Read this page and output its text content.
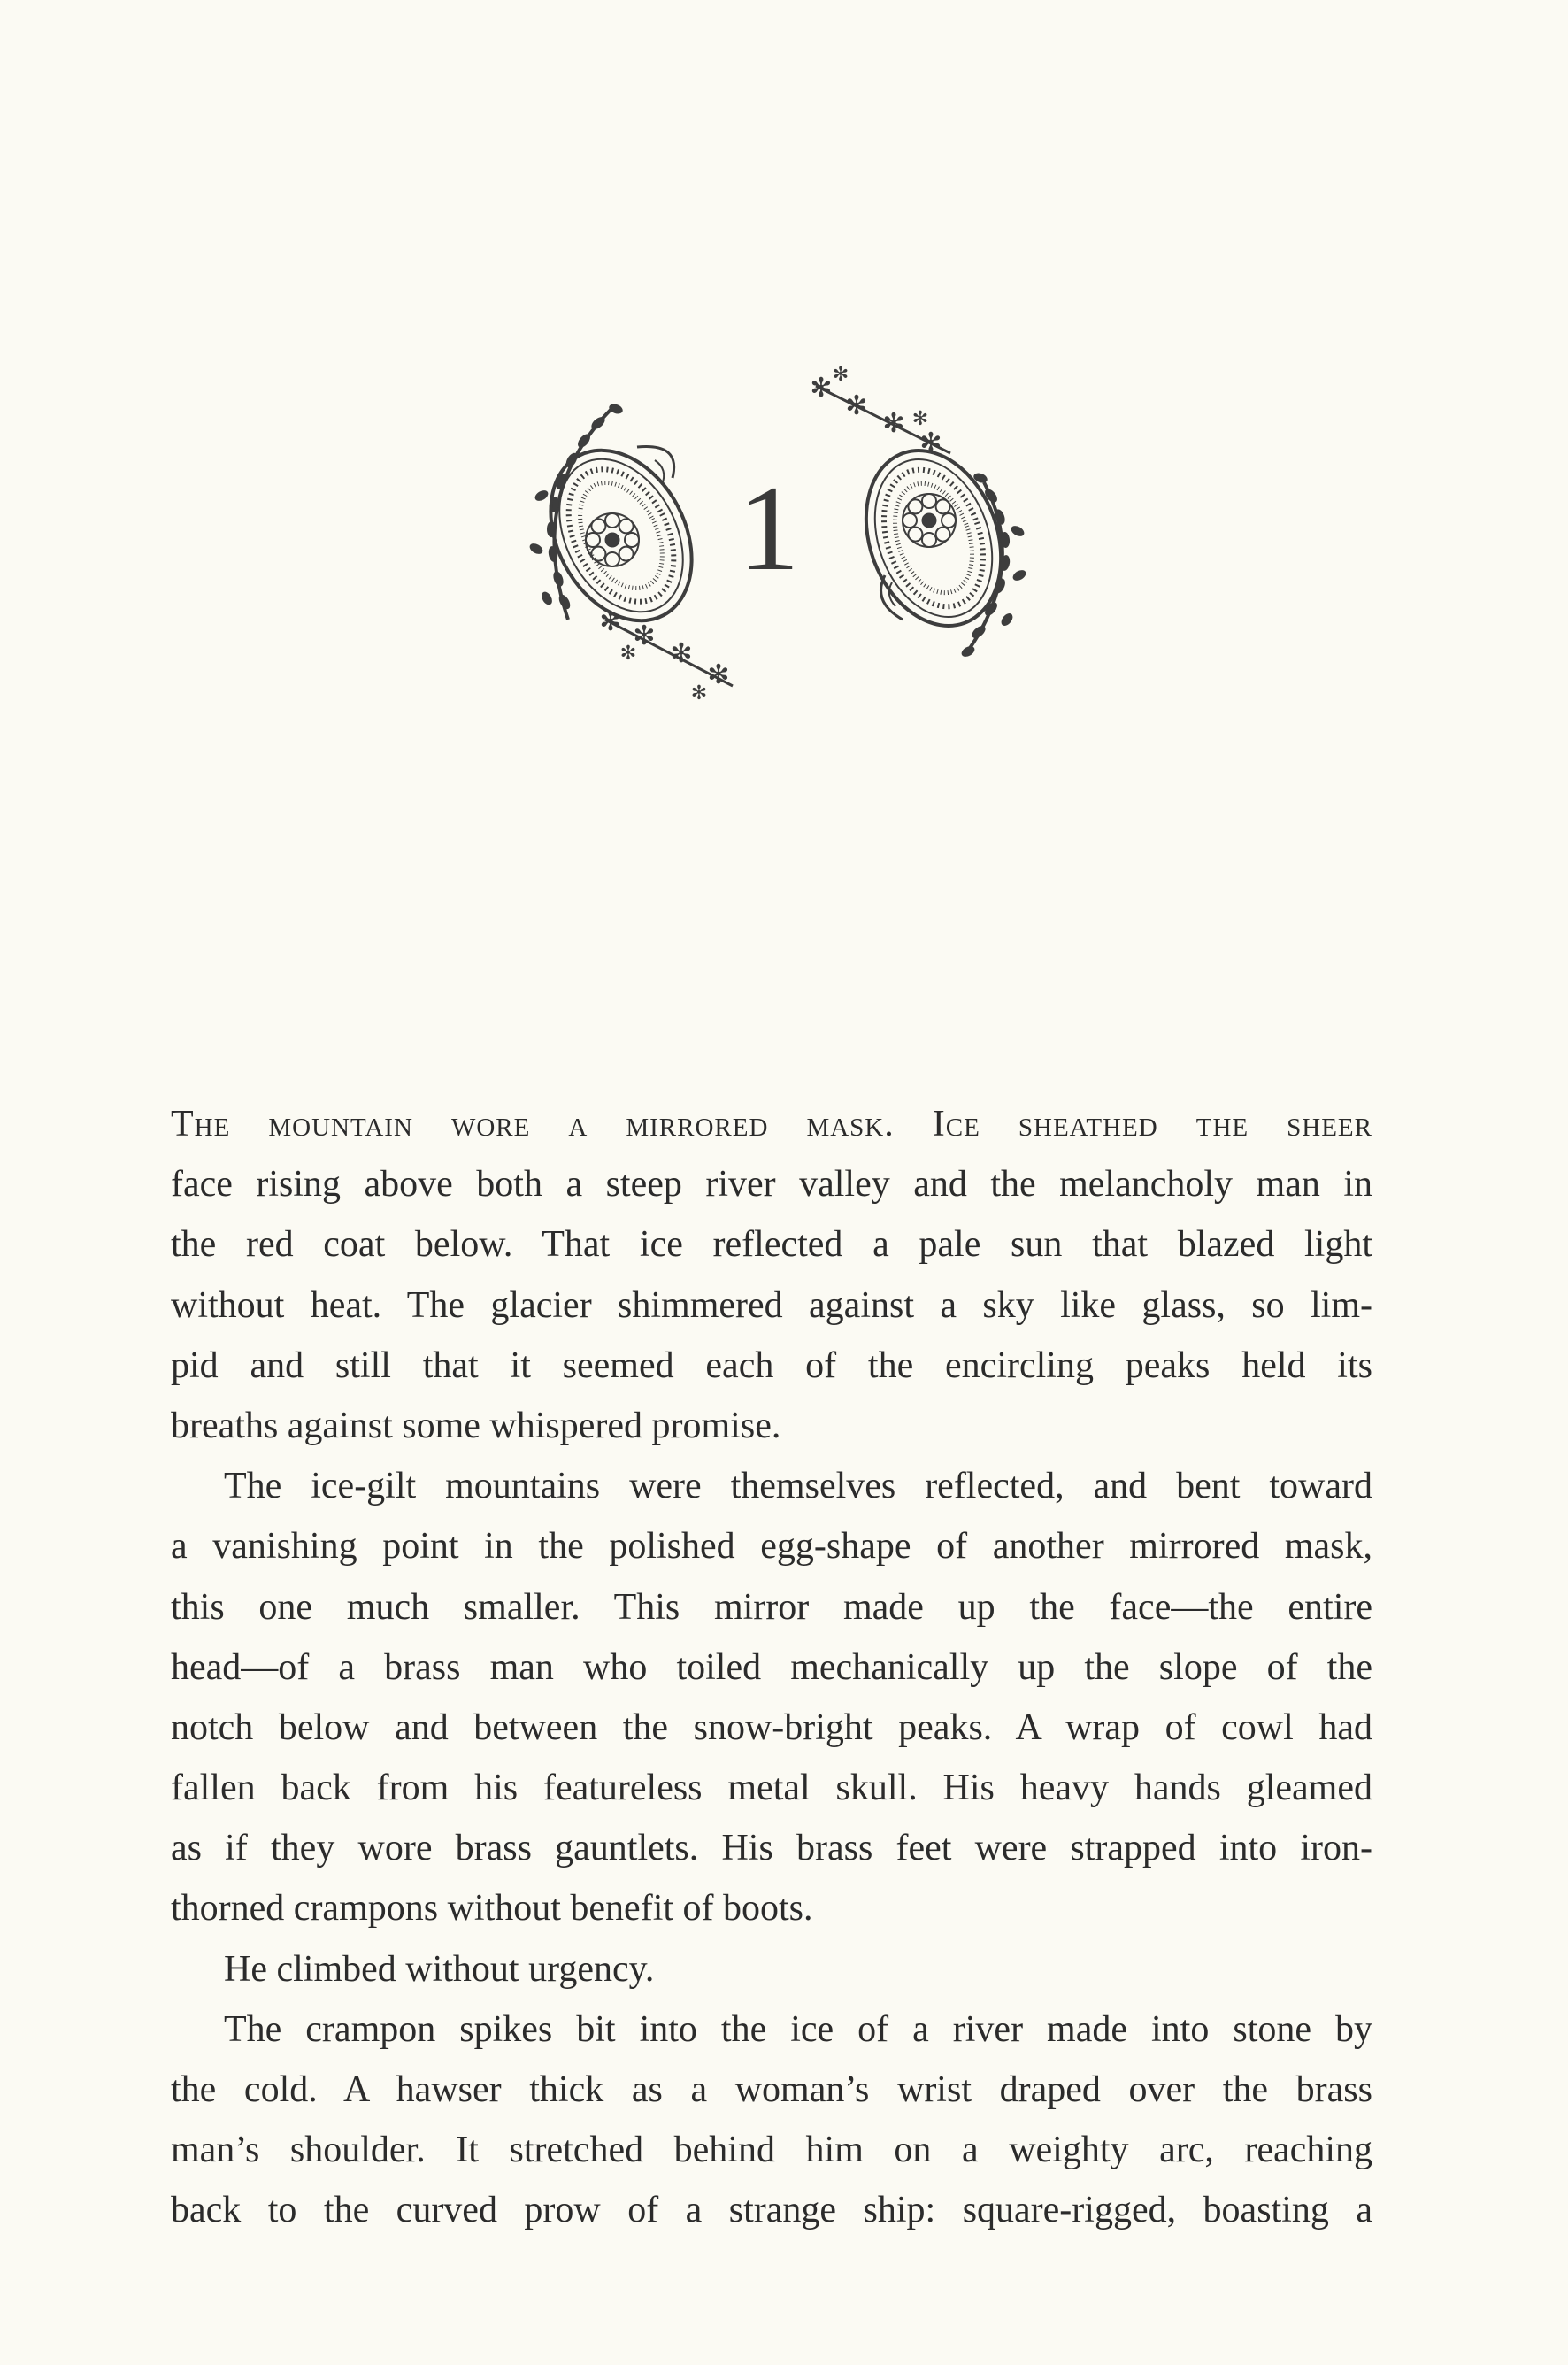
✻ ✻
✻
✻
✻
✻
✻
✻
✻
✻
✻
✻
1
The mountain wore a mirrored mask. Ice sheathed the sheer
face rising above both a steep river valley and the melancholy man in
the red coat below. That ice reflected a pale sun that blazed light
without heat. The glacier shimmered against a sky like glass, so lim-
pid and still that it seemed each of the encircling peaks held its
breaths against some whispered promise.
The ice-gilt mountains were themselves reflected, and bent toward
a vanishing point in the polished egg-shape of another mirrored mask,
this one much smaller. This mirror made up the face—the entire
head—of a brass man who toiled mechanically up the slope of the
notch below and between the snow-bright peaks. A wrap of cowl had
fallen back from his featureless metal skull. His heavy hands gleamed
as if they wore brass gauntlets. His brass feet were strapped into iron-
thorned crampons without benefit of boots.
He climbed without urgency.
The crampon spikes bit into the ice of a river made into stone by
the cold. A hawser thick as a woman’s wrist draped over the brass
man’s shoulder. It stretched behind him on a weighty arc, reaching
back to the curved prow of a strange ship: square-rigged, boasting a
